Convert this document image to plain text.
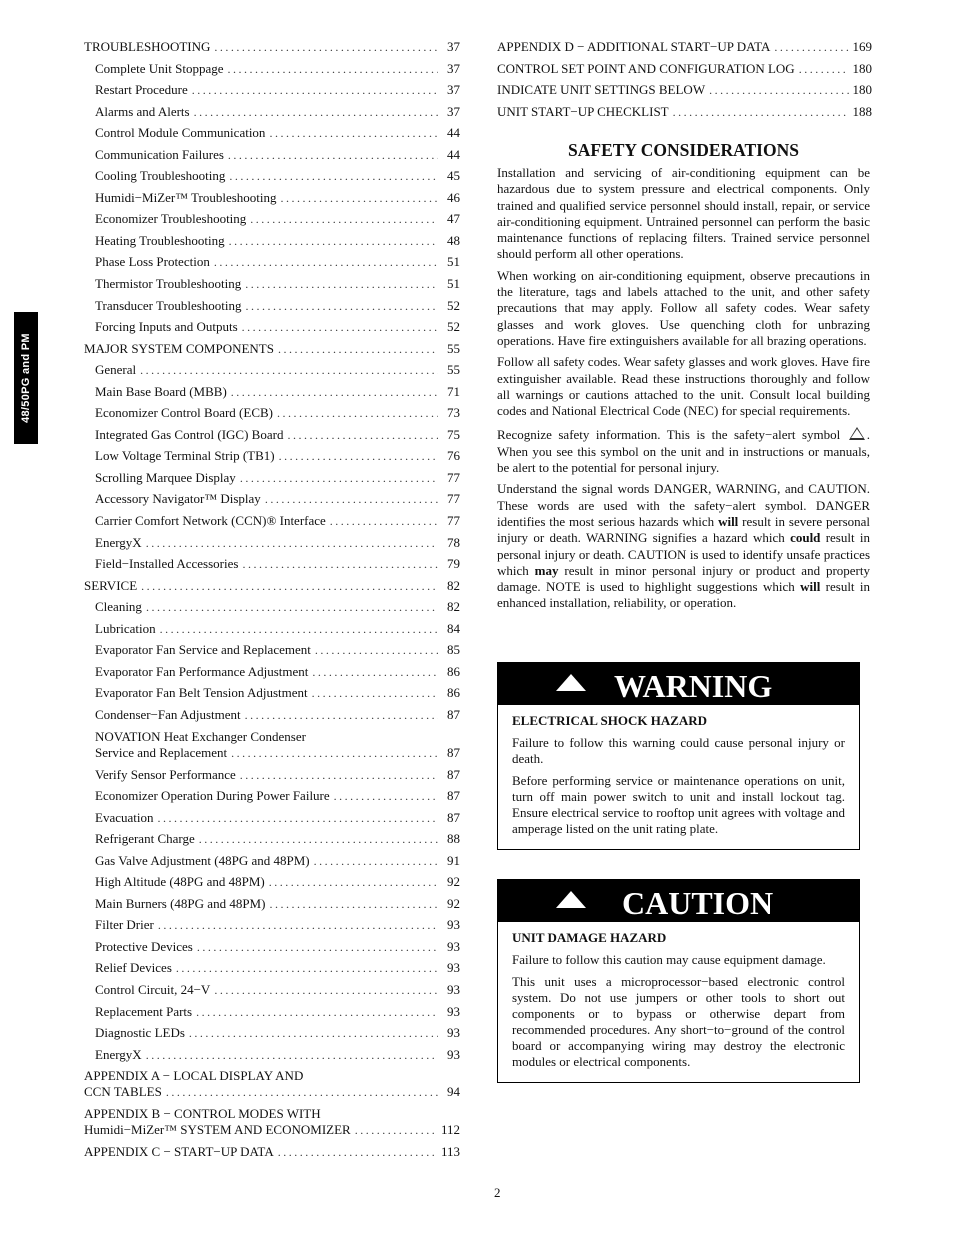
48/50PG and PM
TROUBLESHOOTING .....	37
Complete Unit Stoppage .....	37
Restart Procedure .....	37
Alarms and Alerts .....	37
Control Module Communication .....	44
Communication Failures .....	44
Cooling Troubleshooting .....	45
Humidi−MiZer™ Troubleshooting .....	46
Economizer Troubleshooting .....	47
Heating Troubleshooting .....	48
Phase Loss Protection .....	51
Thermistor Troubleshooting .....	51
Transducer Troubleshooting .....	52
Forcing Inputs and Outputs .....	52
MAJOR SYSTEM COMPONENTS .....	55
General .....	55
Main Base Board (MBB) .....	71
Economizer Control Board (ECB) .....	73
Integrated Gas Control (IGC) Board .....	75
Low Voltage Terminal Strip (TB1) .....	76
Scrolling Marquee Display .....	77
Accessory Navigator™ Display .....	77
Carrier Comfort Network (CCN)® Interface .....	77
EnergyX .....	78
Field−Installed Accessories .....	79
SERVICE .....	82
Cleaning .....	82
Lubrication .....	84
Evaporator Fan Service and Replacement .....	85
Evaporator Fan Performance Adjustment .....	86
Evaporator Fan Belt Tension Adjustment .....	86
Condenser−Fan Adjustment .....	87
NOVATION Heat Exchanger Condenser
Service and Replacement .....	87
Verify Sensor Performance .....	87
Economizer Operation During Power Failure .....	87
Evacuation .....	87
Refrigerant Charge .....	88
Gas Valve Adjustment (48PG and 48PM) .....	91
High Altitude (48PG and 48PM) .....	92
Main Burners (48PG and 48PM) .....	92
Filter Drier .....	93
Protective Devices .....	93
Relief Devices .....	93
Control Circuit, 24−V .....	93
Replacement Parts .....	93
Diagnostic LEDs .....	93
EnergyX .....	93
APPENDIX A − LOCAL DISPLAY AND
CCN TABLES .....	94
APPENDIX B − CONTROL MODES WITH
Humidi−MiZer™ SYSTEM AND ECONOMIZER .....	112
APPENDIX C − START−UP DATA .....	113
APPENDIX D − ADDITIONAL START−UP DATA .....	169
CONTROL SET POINT AND CONFIGURATION LOG .....	180
INDICATE UNIT SETTINGS BELOW .....	180
UNIT START−UP CHECKLIST .....	188
SAFETY CONSIDERATIONS

Installation and servicing of air-conditioning equipment can be hazardous due to system pressure and electrical components. Only trained and qualified service personnel should install, repair, or service air-conditioning equipment. Untrained personnel can perform the basic maintenance functions of replacing filters. Trained service personnel should perform all other operations.

When working on air-conditioning equipment, observe precautions in the literature, tags and labels attached to the unit, and other safety precautions that may apply. Follow all safety codes. Wear safety glasses and work gloves. Use quenching cloth for unbrazing operations. Have fire extinguishers available for all brazing operations.

Follow all safety codes. Wear safety glasses and work gloves. Have fire extinguisher available. Read these instructions thoroughly and follow all warnings or cautions attached to the unit. Consult local building codes and National Electrical Code (NEC) for special requirements.

Recognize safety information. This is the safety−alert symbol . When you see this symbol on the unit and in instructions or manuals, be alert to the potential for personal injury.

Understand the signal words DANGER, WARNING, and CAUTION. These words are used with the safety−alert symbol. DANGER identifies the most serious hazards which will result in severe personal injury or death. WARNING signifies a hazard which could result in personal injury or death. CAUTION is used to identify unsafe practices which may result in minor personal injury or product and property damage. NOTE is used to highlight suggestions which will result in enhanced installation, reliability, or operation.

WARNING
ELECTRICAL SHOCK HAZARD

Failure to follow this warning could cause personal injury or death.

Before performing service or maintenance operations on unit, turn off main power switch to unit and install lockout tag. Ensure electrical service to rooftop unit agrees with voltage and amperage listed on the unit rating plate.

CAUTION
UNIT DAMAGE HAZARD

Failure to follow this caution may cause equipment damage.

This unit uses a microprocessor−based electronic control system. Do not use jumpers or other tools to short out components or to bypass or otherwise depart from recommended procedures. Any short−to−ground of the control board or accompanying wiring may destroy the electronic modules or electrical components.

2
